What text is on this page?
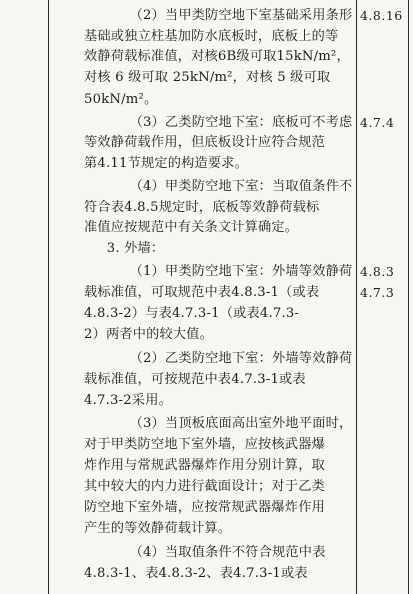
（2）当甲类防空地下室基础采用条形
基础或独立柱基加防水底板时，底板上的等
效静荷载标准值，对核6B级可取15kN/m²，
对核 6 级可取 25kN/m²，对核 5 级可取
50kN/m²。
（3）乙类防空地下室：底板可不考虑
等效静荷载作用，但底板设计应符合规范
第4.11节规定的构造要求。
（4）甲类防空地下室：当取值条件不
符合表4.8.5规定时，底板等效静荷载标
准值应按规范中有关条文计算确定。
3. 外墙：
（1）甲类防空地下室：外墙等效静荷
载标准值，可取规范中表4.8.3-1（或表
4.8.3-2）与表4.7.3-1（或表4.7.3-
2）两者中的较大值。
（2）乙类防空地下室：外墙等效静荷
载标准值，可按规范中表4.7.3-1或表
4.7.3-2采用。
（3）当顶板底面高出室外地平面时，
对于甲类防空地下室外墙，应按核武器爆
炸作用与常规武器爆炸作用分别计算，取
其中较大的内力进行截面设计；对于乙类
防空地下室外墙，应按常规武器爆炸作用
产生的等效静荷载计算。
（4）当取值条件不符合规范中表
4.8.3-1、表4.8.3-2、表4.7.3-1或表
4.8.16
4.7.4
4.8.3
4.7.3
